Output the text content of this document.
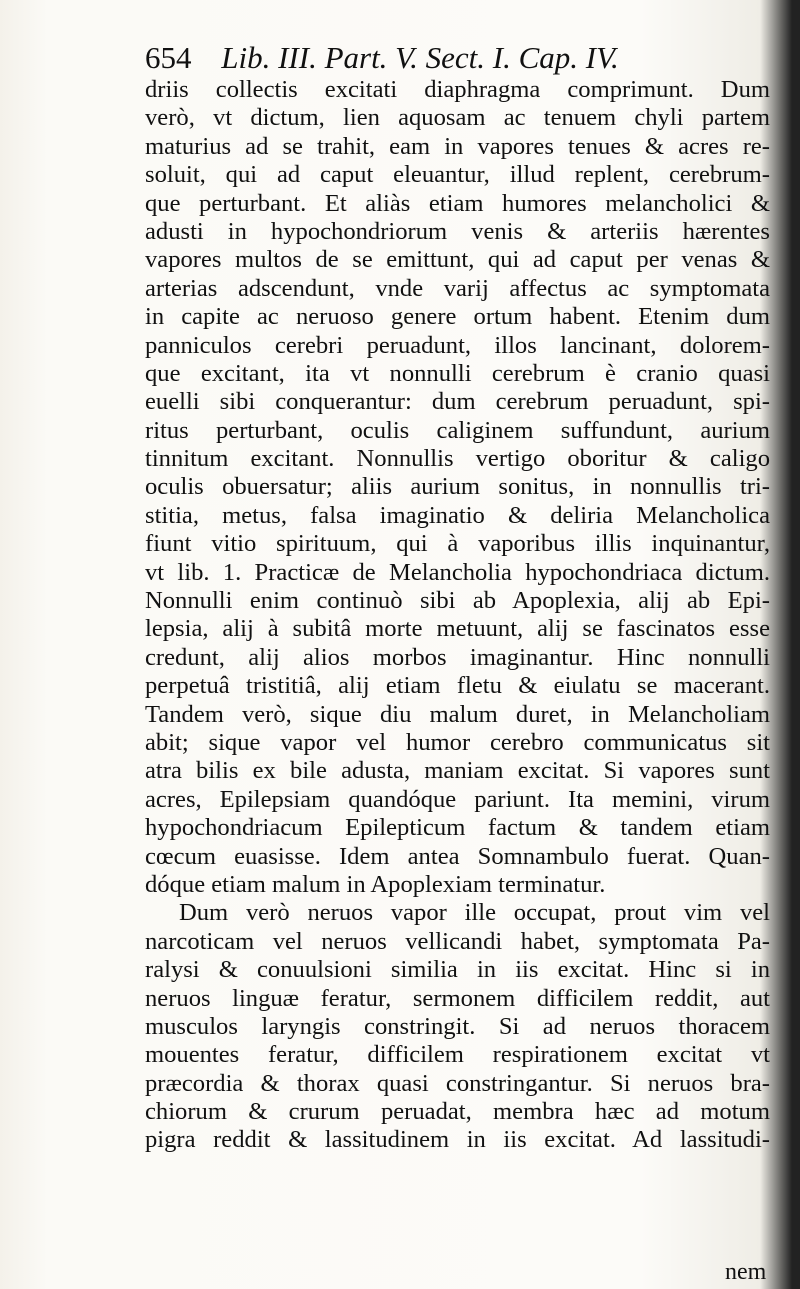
654 Lib. III. Part. V. Sect. I. Cap. IV.
driis collectis excitati diaphragma comprimunt. Dum
verò, vt dictum, lien aquosam ac tenuem chyli partem
maturius ad se trahit, eam in vapores tenues & acres re-
soluit, qui ad caput eleuantur, illud replent, cerebrum-
que perturbant. Et aliàs etiam humores melancholici &
adusti in hypochondriorum venis & arteriis hærentes
vapores multos de se emittunt, qui ad caput per venas &
arterias adscendunt, vnde varij affectus ac symptomata
in capite ac neruoso genere ortum habent. Etenim dum
panniculos cerebri peruadunt, illos lancinant, dolorem-
que excitant, ita vt nonnulli cerebrum è cranio quasi
euelli sibi conquerantur: dum cerebrum peruadunt, spi-
ritus perturbant, oculis caliginem suffundunt, aurium
tinnitum excitant. Nonnullis vertigo oboritur & caligo
oculis obuersatur; aliis aurium sonitus, in nonnullis tri-
stitia, metus, falsa imaginatio & deliria Melancholica
fiunt vitio spirituum, qui à vaporibus illis inquinantur,
vt lib. 1. Practicæ de Melancholia hypochondriaca dictum.
Nonnulli enim continuò sibi ab Apoplexia, alij ab Epi-
lepsia, alij à subitâ morte metuunt, alij se fascinatos esse
credunt, alij alios morbos imaginantur. Hinc nonnulli
perpetuâ tristitiâ, alij etiam fletu & eiulatu se macerant.
Tandem verò, sique diu malum duret, in Melancholiam
abit; sique vapor vel humor cerebro communicatus sit
atra bilis ex bile adusta, maniam excitat. Si vapores sunt
acres, Epilepsiam quandóque pariunt. Ita memini, virum
hypochondriacum Epilepticum factum & tandem etiam
cœcum euasisse. Idem antea Somnambulo fuerat. Quan-
dóque etiam malum in Apoplexiam terminatur.
Dum verò neruos vapor ille occupat, prout vim vel
narcoticam vel neruos vellicandi habet, symptomata Pa-
ralysi & conuulsioni similia in iis excitat. Hinc si in
neruos linguæ feratur, sermonem difficilem reddit, aut
musculos laryngis constringit. Si ad neruos thoracem
mouentes feratur, difficilem respirationem excitat vt
præcordia & thorax quasi constringantur. Si neruos bra-
chiorum & crurum peruadat, membra hæc ad motum
pigra reddit & lassitudinem in iis excitat. Ad lassitudi-
nem
